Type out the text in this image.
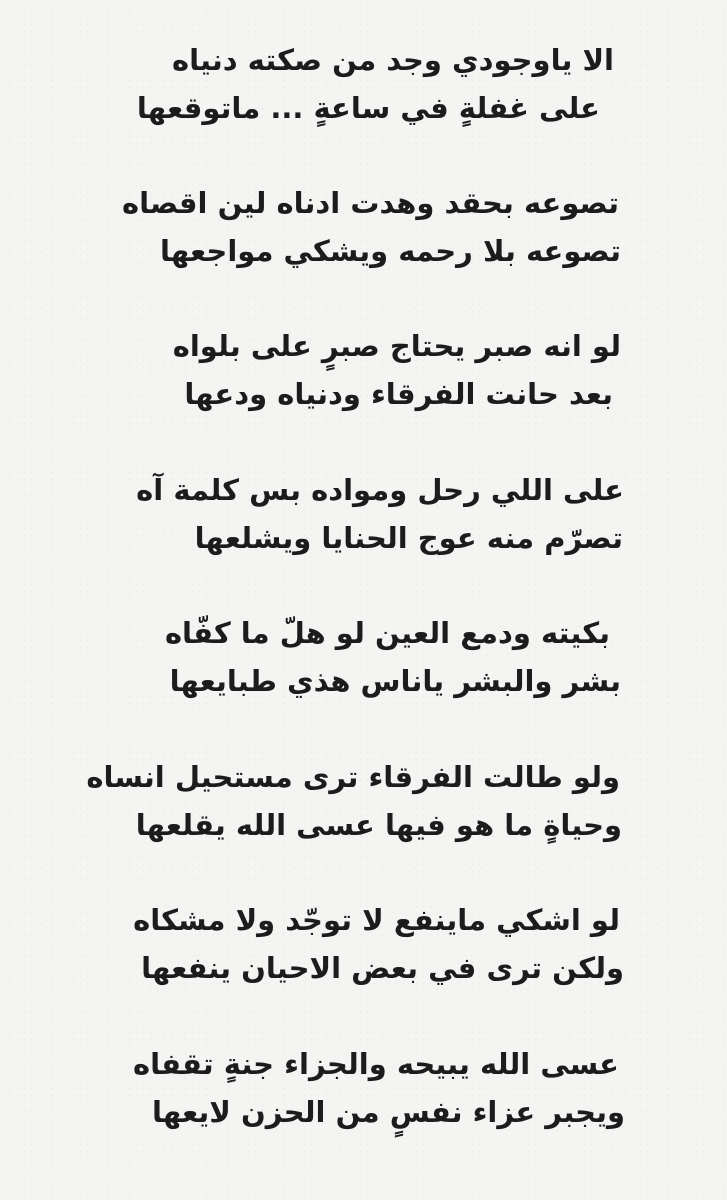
الا ياوجودي وجد من صكته دنياه
على غفلةٍ في ساعةٍ ... ماتوقعها
تصوعه بحقد وهدت ادناه لين اقصاه
تصوعه بلا رحمه ويشكي مواجعها
لو انه صبر يحتاج صبرٍ على بلواه
بعد حانت الفرقاء ودنياه ودعها
على اللي رحل ومواده بس كلمة آه
تصرّم منه عوج الحنايا ويشلعها
بكيته ودمع العين لو هلّ ما كفّاه
بشر والبشر ياناس هذي طبايعها
ولو طالت الفرقاء ترى مستحيل انساه
وحياةٍ ما هو فيها عسى الله يقلعها
لو اشكي ماينفع لا توجّد ولا مشكاه
ولكن ترى في بعض الاحيان ينفعها
عسى الله يبيحه والجزاء جنةٍ تقفاه
ويجبر عزاء نفسٍ من الحزن لايعها
